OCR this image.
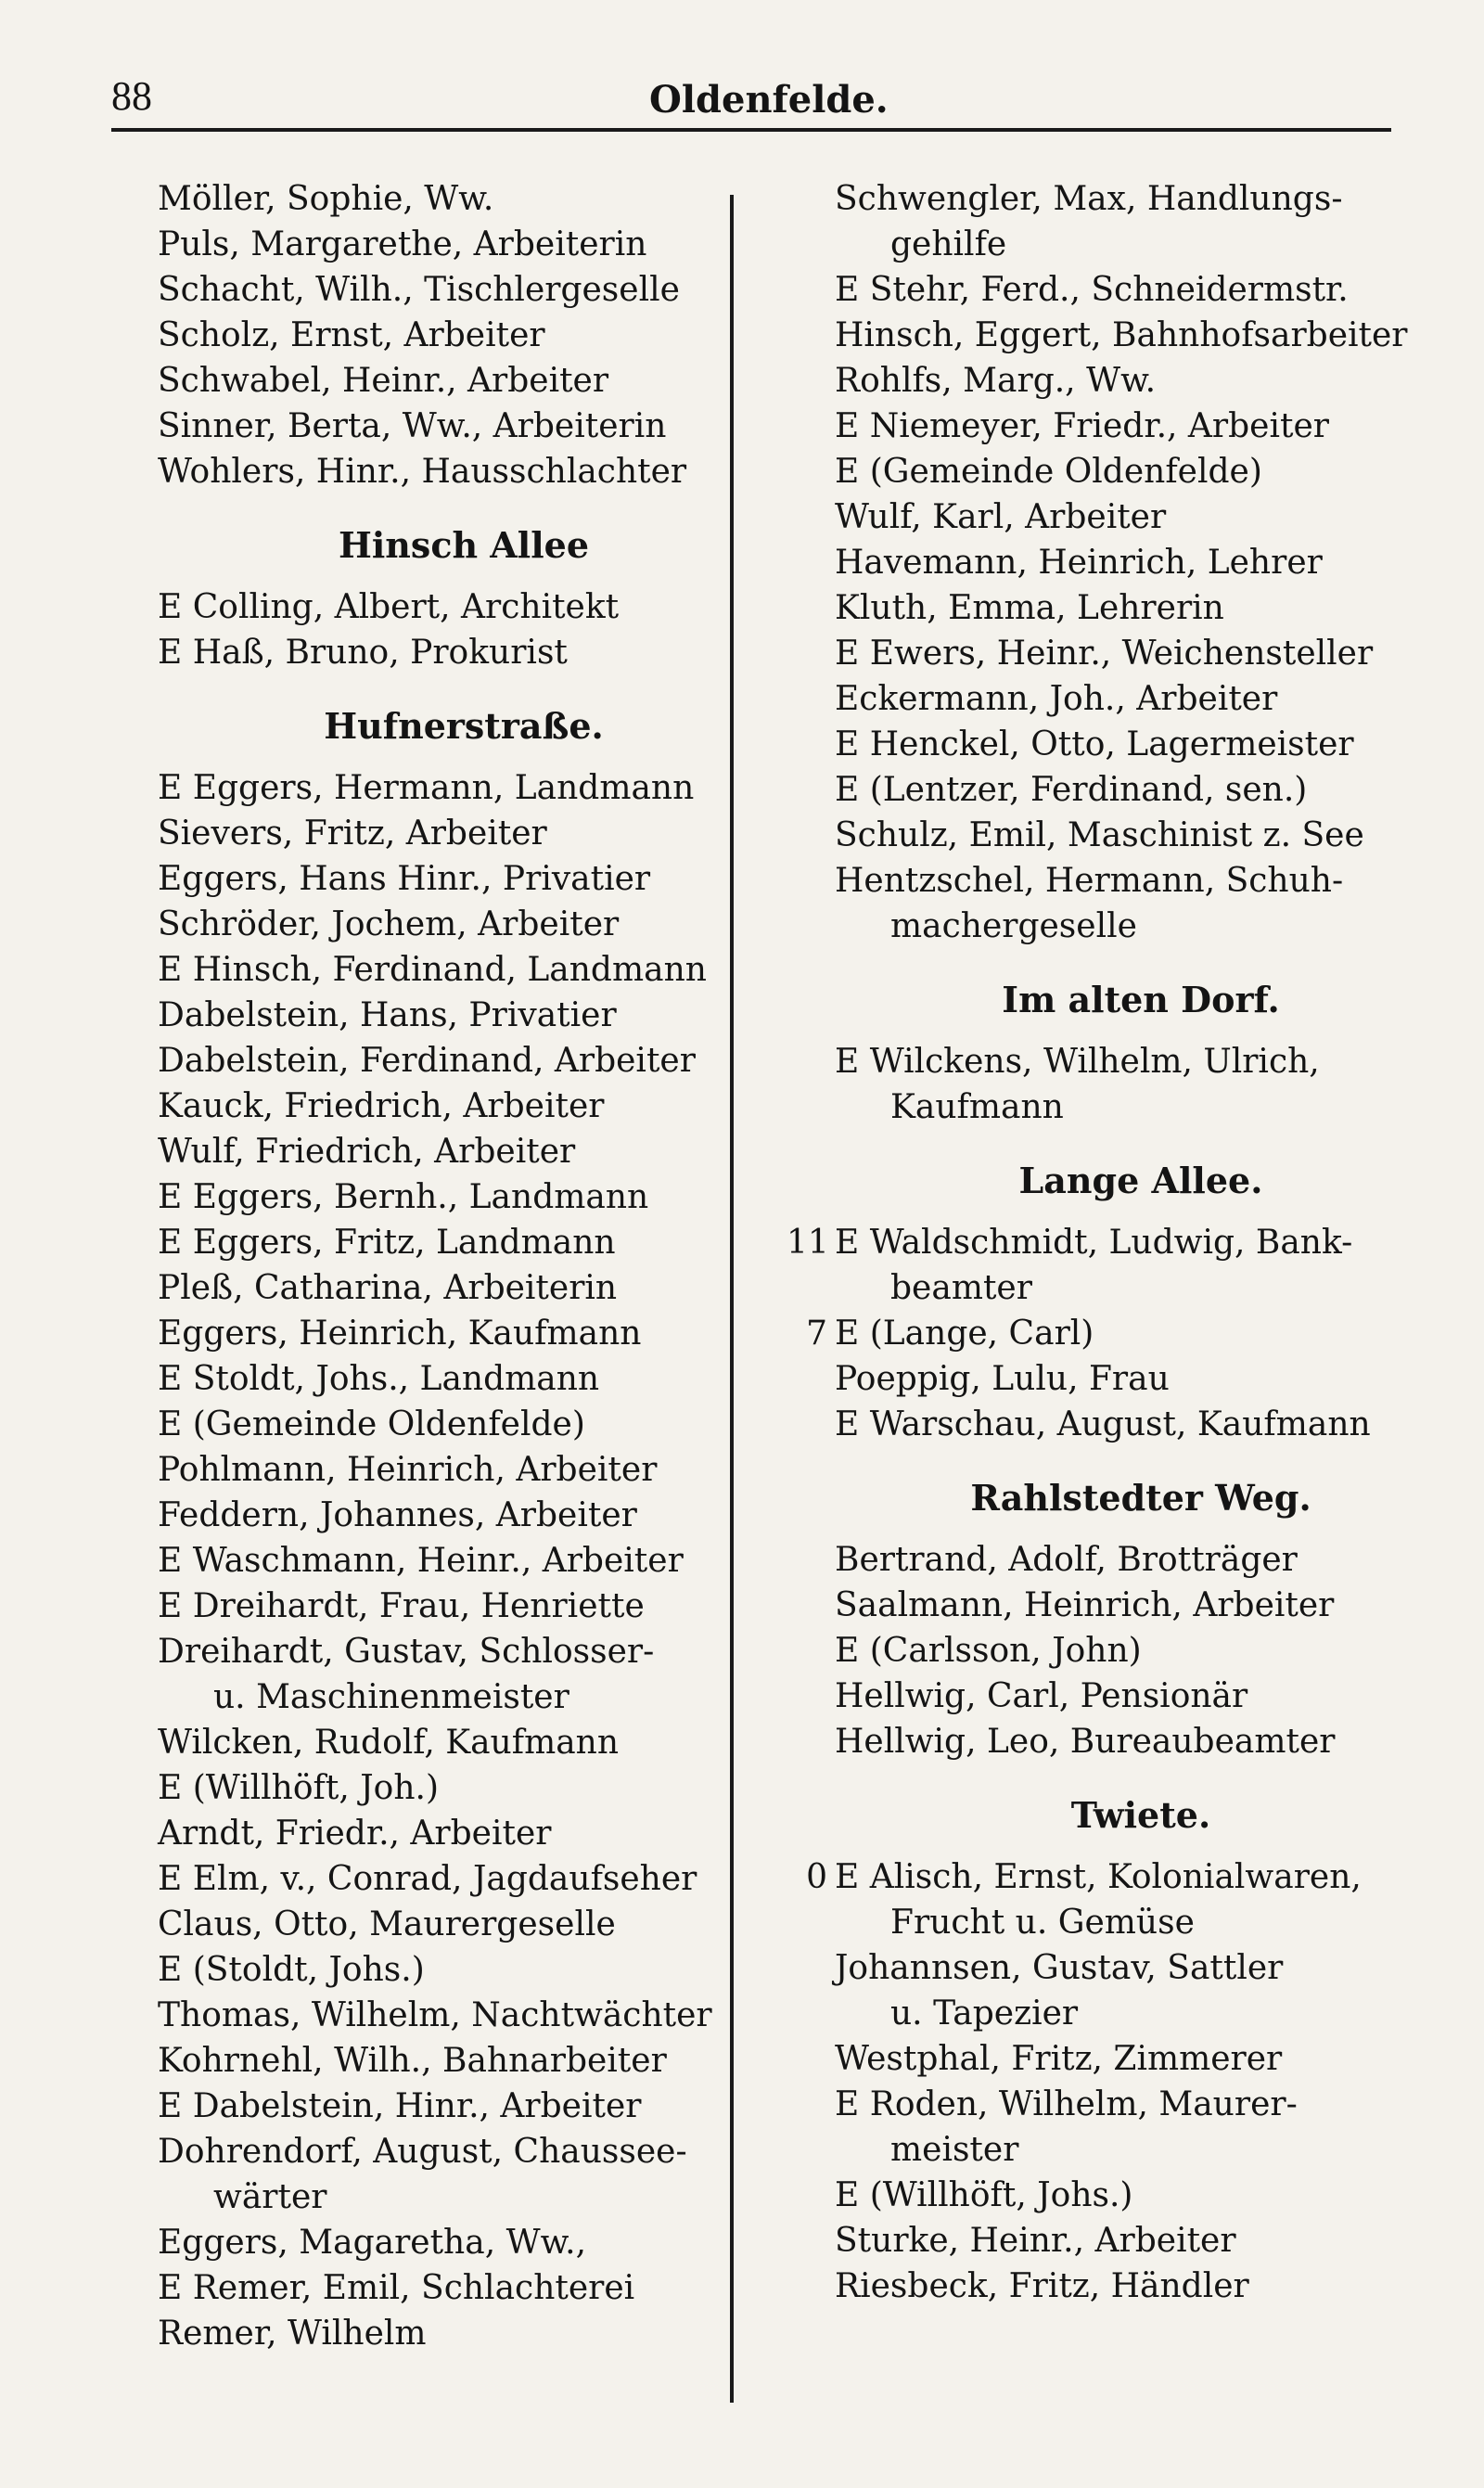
88	Oldenfelde.
Möller, Sophie, Ww.
Puls, Margarethe, Arbeiterin
Schacht, Wilh., Tischlergeselle
Scholz, Ernst, Arbeiter
Schwabel, Heinr., Arbeiter
Sinner, Berta, Ww., Arbeiterin
Wohlers, Hinr., Hausschlachter
Hinsch Allee
E Colling, Albert, Architekt
E Haß, Bruno, Prokurist
Hufnerstraße.
E Eggers, Hermann, Landmann
Sievers, Fritz, Arbeiter
Eggers, Hans Hinr., Privatier
Schröder, Jochem, Arbeiter
E Hinsch, Ferdinand, Landmann
Dabelstein, Hans, Privatier
Dabelstein, Ferdinand, Arbeiter
Kauck, Friedrich, Arbeiter
Wulf, Friedrich, Arbeiter
E Eggers, Bernh., Landmann
E Eggers, Fritz, Landmann
Pleß, Catharina, Arbeiterin
Eggers, Heinrich, Kaufmann
E Stoldt, Johs., Landmann
E (Gemeinde Oldenfelde)
Pohlmann, Heinrich, Arbeiter
Feddern, Johannes, Arbeiter
E Waschmann, Heinr., Arbeiter
E Dreihardt, Frau, Henriette
Dreihardt, Gustav, Schlosser-
u. Maschinenmeister
Wilcken, Rudolf, Kaufmann
E (Willhöft, Joh.)
Arndt, Friedr., Arbeiter
E Elm, v., Conrad, Jagdaufseher
Claus, Otto, Maurergeselle
E (Stoldt, Johs.)
Thomas, Wilhelm, Nachtwächter
Kohrnehl, Wilh., Bahnarbeiter
E Dabelstein, Hinr., Arbeiter
Dohrendorf, August, Chaussee-
wärter
Eggers, Magaretha, Ww.,
E Remer, Emil, Schlachterei
Remer, Wilhelm
Schwengler, Max, Handlungs-
gehilfe
E Stehr, Ferd., Schneidermstr.
Hinsch, Eggert, Bahnhofsarbeiter
Rohlfs, Marg., Ww.
E Niemeyer, Friedr., Arbeiter
E (Gemeinde Oldenfelde)
Wulf, Karl, Arbeiter
Havemann, Heinrich, Lehrer
Kluth, Emma, Lehrerin
E Ewers, Heinr., Weichensteller
Eckermann, Joh., Arbeiter
E Henckel, Otto, Lagermeister
E (Lentzer, Ferdinand, sen.)
Schulz, Emil, Maschinist z. See
Hentzschel, Hermann, Schuh-
machergeselle
Im alten Dorf.
E Wilckens, Wilhelm, Ulrich,
Kaufmann
Lange Allee.
11 E Waldschmidt, Ludwig, Bank-
beamter
7 E (Lange, Carl)
Poeppig, Lulu, Frau
E Warschau, August, Kaufmann
Rahlstedter Weg.
Bertrand, Adolf, Brotträger
Saalmann, Heinrich, Arbeiter
E (Carlsson, John)
Hellwig, Carl, Pensionär
Hellwig, Leo, Bureaubeamter
Twiete.
0 E Alisch, Ernst, Kolonialwaren,
Frucht u. Gemüse
Johannsen, Gustav, Sattler
u. Tapezier
Westphal, Fritz, Zimmerer
E Roden, Wilhelm, Maurer-
meister
E (Willhöft, Johs.)
Sturke, Heinr., Arbeiter
Riesbeck, Fritz, Händler
